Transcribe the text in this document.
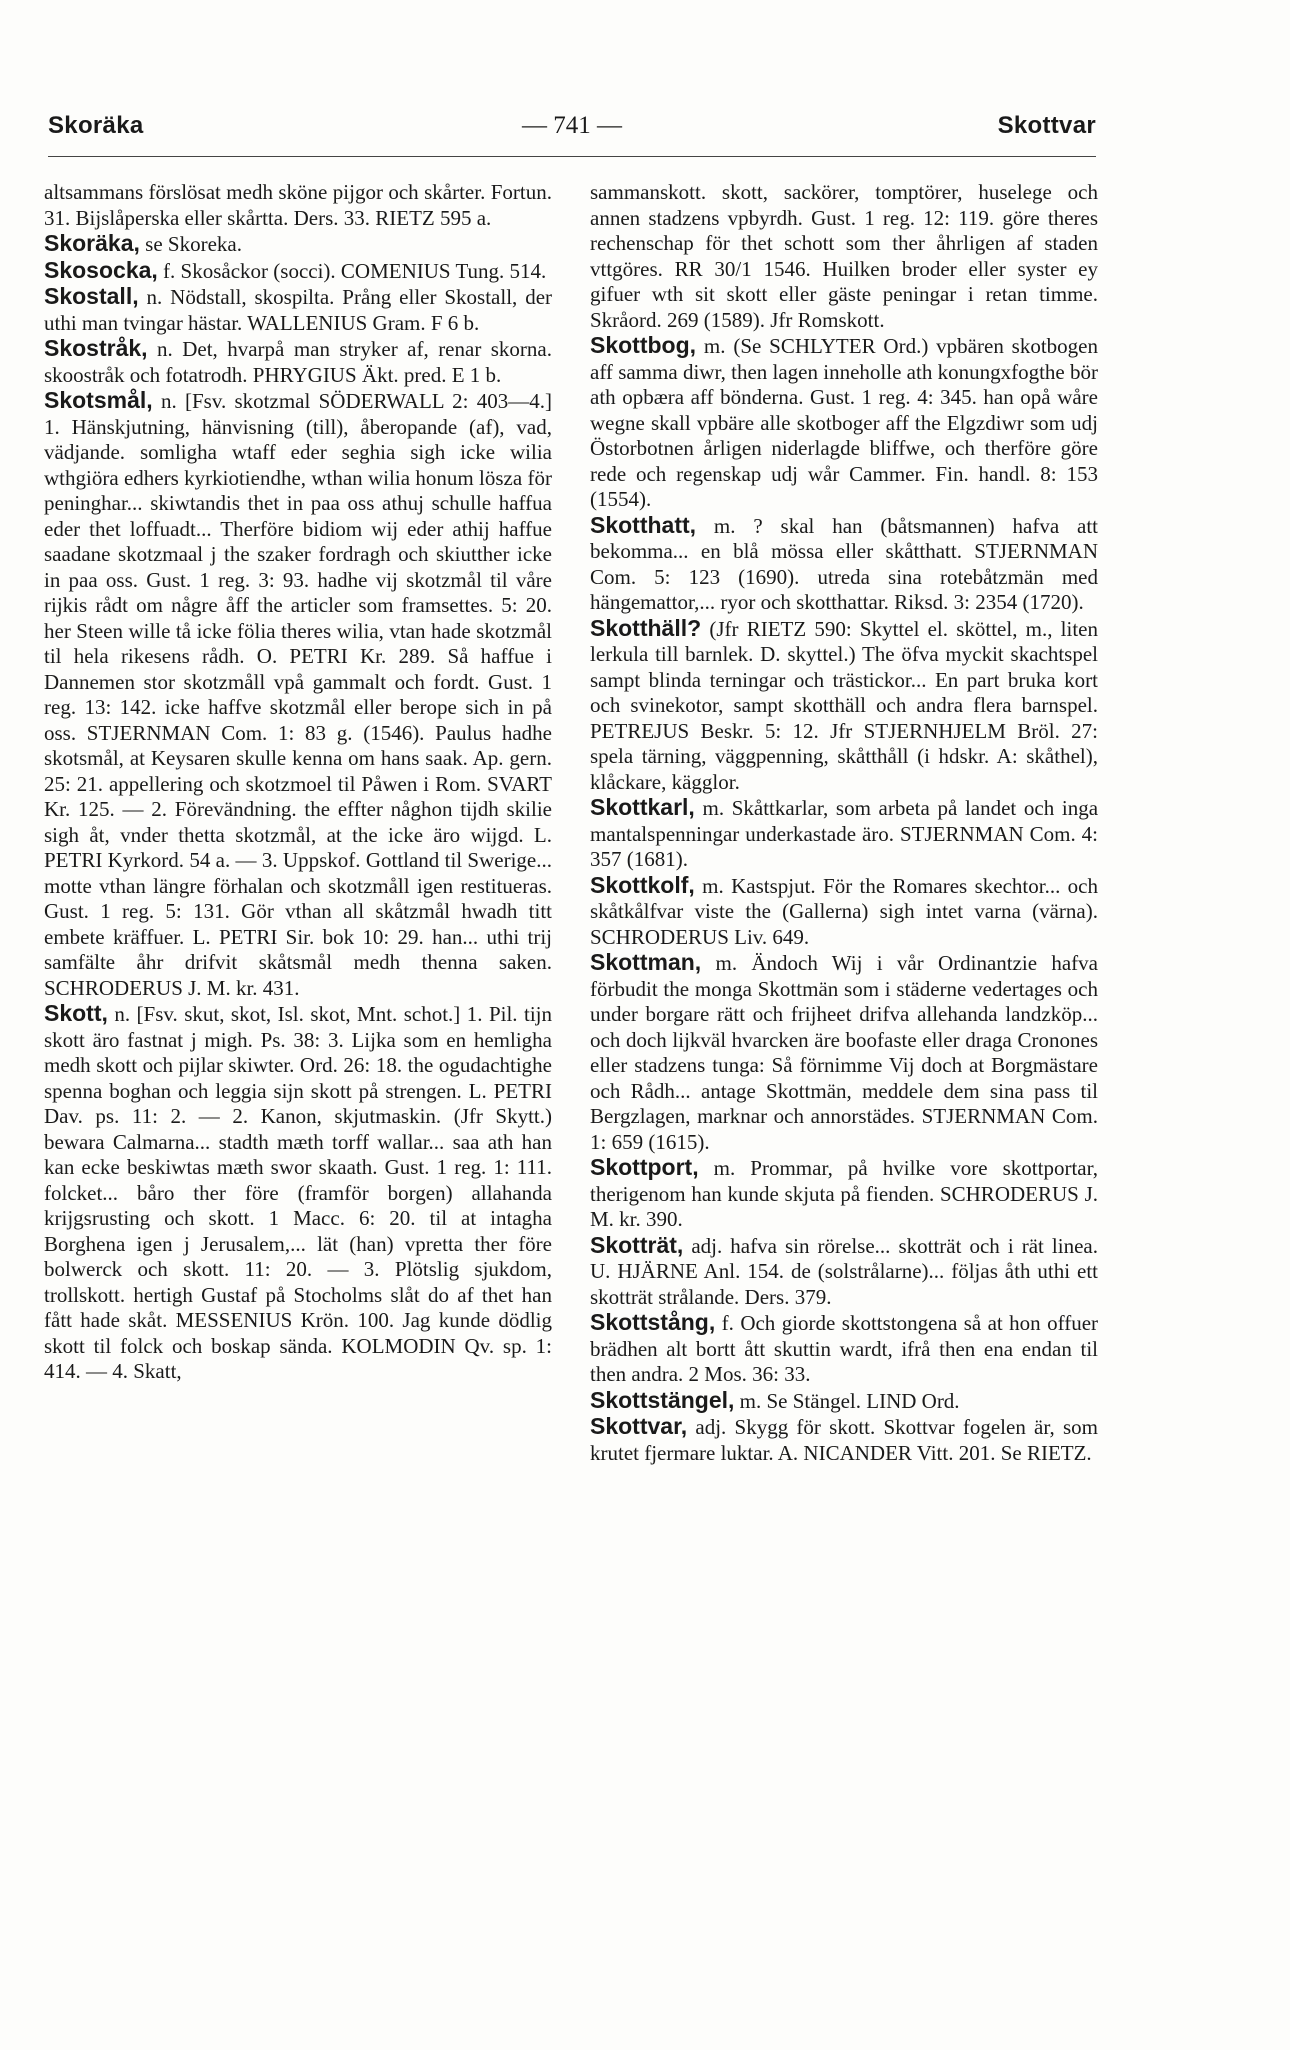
Skoräka	— 741 —	Skottvar

altsammans förslösat medh sköne pijgor och skårter. Fortun. 31. Bijslåperska eller skårtta. Ders. 33. RIETZ 595 a.

Skoräka, se Skoreka.

Skosocka, f. Skosåckor (socci). COMENIUS Tung. 514.

Skostall, n. Nödstall, skospilta. Prång eller Skostall, der uthi man tvingar hästar. WALLENIUS Gram. F 6 b.

Skostråk, n. Det, hvarpå man stryker af, renar skorna. skoostråk och fotatrodh. PHRYGIUS Äkt. pred. E 1 b.

Skotsmål, n. [Fsv. skotzmal SÖDERWALL 2: 403—4.] 1. Hänskjutning, hänvisning (till), åberopande (af), vad, vädjande. somligha wtaff eder seghia sigh icke wilia wthgiöra edhers kyrkiotiendhe, wthan wilia honum lösza för peninghar... skiwtandis thet in paa oss athuj schulle haffua eder thet loffuadt... Therföre bidiom wij eder athij haffue saadane skotzmaal j the szaker fordragh och skiutther icke in paa oss. Gust. 1 reg. 3: 93. hadhe vij skotzmål til våre rijkis rådt om någre åff the articler som framsettes. 5: 20. her Steen wille tå icke fölia theres wilia, vtan hade skotzmål til hela rikesens rådh. O. PETRI Kr. 289. Så haffue i Dannemen stor skotzmåll vpå gammalt och fordt. Gust. 1 reg. 13: 142. icke haffve skotzmål eller berope sich in på oss. STJERNMAN Com. 1: 83 g. (1546). Paulus hadhe skotsmål, at Keysaren skulle kenna om hans saak. Ap. gern. 25: 21. appellering och skotzmoel til Påwen i Rom. SVART Kr. 125. — 2. Förevändning. the effter någhon tijdh skilie sigh åt, vnder thetta skotzmål, at the icke äro wijgd. L. PETRI Kyrkord. 54 a. — 3. Uppskof. Gottland til Swerige... motte vthan längre förhalan och skotzmåll igen restitueras. Gust. 1 reg. 5: 131. Gör vthan all skåtzmål hwadh titt embete kräffuer. L. PETRI Sir. bok 10: 29. han... uthi trij samfälte åhr drifvit skåtsmål medh thenna saken. SCHRODERUS J. M. kr. 431.

Skott, n. [Fsv. skut, skot, Isl. skot, Mnt. schot.] 1. Pil. tijn skott äro fastnat j migh. Ps. 38: 3. Lijka som en hemligha medh skott och pijlar skiwter. Ord. 26: 18. the ogudachtighe spenna boghan och leggia sijn skott på strengen. L. PETRI Dav. ps. 11: 2. — 2. Kanon, skjutmaskin. (Jfr Skytt.) bewara Calmarna... stadth mæth torff wallar... saa ath han kan ecke beskiwtas mæth swor skaath. Gust. 1 reg. 1: 111. folcket... båro ther före (framför borgen) allahanda krijgsrusting och skott. 1 Macc. 6: 20. til at intagha Borghena igen j Jerusalem,... lät (han) vpretta ther före bolwerck och skott. 11: 20. — 3. Plötslig sjukdom, trollskott. hertigh Gustaf på Stocholms slåt do af thet han fått hade skåt. MESSENIUS Krön. 100. Jag kunde dödlig skott til folck och boskap sända. KOLMODIN Qv. sp. 1: 414. — 4. Skatt,

sammanskott. skott, sackörer, tomptörer, huselege och annen stadzens vpbyrdh. Gust. 1 reg. 12: 119. göre theres rechenschap för thet schott som ther åhrligen af staden vttgöres. RR 30/1 1546. Huilken broder eller syster ey gifuer wth sit skott eller gäste peningar i retan timme. Skråord. 269 (1589). Jfr Romskott.

Skottbog, m. (Se SCHLYTER Ord.) vpbären skotbogen aff samma diwr, then lagen inneholle ath konungxfogthe bör ath opbæra aff bönderna. Gust. 1 reg. 4: 345. han opå wåre wegne skall vpbäre alle skotboger aff the Elgzdiwr som udj Östorbotnen årligen niderlagde bliffwe, och therföre göre rede och regenskap udj wår Cammer. Fin. handl. 8: 153 (1554).

Skotthatt, m. ? skal han (båtsmannen) hafva att bekomma... en blå mössa eller skåtthatt. STJERNMAN Com. 5: 123 (1690). utreda sina rotebåtzmän med hängemattor,... ryor och skotthattar. Riksd. 3: 2354 (1720).

Skotthäll? (Jfr RIETZ 590: Skyttel el. sköttel, m., liten lerkula till barnlek. D. skyttel.) The öfva myckit skachtspel sampt blinda terningar och trästickor... En part bruka kort och svinekotor, sampt skotthäll och andra flera barnspel. PETREJUS Beskr. 5: 12. Jfr STJERNHJELM Bröl. 27: spela tärning, väggpenning, skåtthåll (i hdskr. A: skåthel), klåckare, kägglor.

Skottkarl, m. Skåttkarlar, som arbeta på landet och inga mantalspenningar underkastade äro. STJERNMAN Com. 4: 357 (1681).

Skottkolf, m. Kastspjut. För the Romares skechtor... och skåtkålfvar viste the (Gallerna) sigh intet varna (värna). SCHRODERUS Liv. 649.

Skottman, m. Ändoch Wij i vår Ordinantzie hafva förbudit the monga Skottmän som i städerne vedertages och under borgare rätt och frijheet drifva allehanda landzköp... och doch lijkväl hvarcken äre boofaste eller draga Cronones eller stadzens tunga: Så förnimme Vij doch at Borgmästare och Rådh... antage Skottmän, meddele dem sina pass til Bergzlagen, marknar och annorstädes. STJERNMAN Com. 1: 659 (1615).

Skottport, m. Prommar, på hvilke vore skottportar, therigenom han kunde skjuta på fienden. SCHRODERUS J. M. kr. 390.

Skotträt, adj. hafva sin rörelse... skotträt och i rät linea. U. HJÄRNE Anl. 154. de (solstrålarne)... följas åth uthi ett skotträt strålande. Ders. 379.

Skottstång, f. Och giorde skottstongena så at hon offuer brädhen alt bortt ått skuttin wardt, ifrå then ena endan til then andra. 2 Mos. 36: 33.

Skottstängel, m. Se Stängel. LIND Ord.

Skottvar, adj. Skygg för skott. Skottvar fogelen är, som krutet fjermare luktar. A. NICANDER Vitt. 201. Se RIETZ.
